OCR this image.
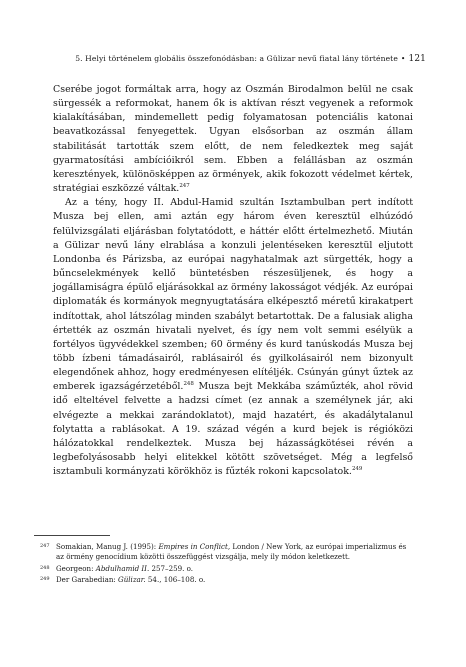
5. Helyi történelem globális összefonódásban: a Gülizar nevű fiatal lány története • 121

Cserébe jogot formáltak arra, hogy az Oszmán Birodalmon belül ne csak sürgessék a reformokat, hanem ők is aktívan részt vegyenek a reformok kialakításában, mindemellett pedig folyamatosan potenciális katonai beavatkozással fenyegettek. Ugyan elsősorban az oszmán állam stabilitását tartották szem előtt, de nem feledkeztek meg saját gyarmatosítási ambícióikról sem. Ebben a felállásban az oszmán keresztények, különösképpen az örmények, akik fokozott védelmet kértek, stratégiai eszközzé váltak.$^{247}$

Az a tény, hogy II. Abdul-Hamid szultán Isztambulban pert indított Musza bej ellen, ami aztán egy három éven keresztül elhúzódó felülvizsgálati eljárásban folytatódott, e háttér előtt értelmezhető. Miután a Gülizar nevű lány elrablása a konzuli jelentéseken keresztül eljutott Londonba és Párizsba, az európai nagyhatalmak azt sürgették, hogy a bűncselekmények kellő büntetésben részesüljenek, és hogy a jogállamiságra épülő eljárásokkal az örmény lakosságot védjék. Az európai diplomaták és kormányok megnyugtatására elképesztő méretű kirakatpert indítottak, ahol látszólag minden szabályt betartottak. De a falusiak aligha értették az oszmán hivatali nyelvet, és így nem volt semmi esélyük a fortélyos ügyvédekkel szemben; 60 örmény és kurd tanúskodás Musza bej több ízbeni támadásairól, rablásairól és gyilkolásairól nem bizonyult elegendőnek ahhoz, hogy eredményesen elítéljék. Csúnyán gúnyt űztek az emberek igazságérzetéből.$^{248}$ Musza bejt Mekkába száműzték, ahol rövid idő elteltével felvette a hadzsi címet (ez annak a személynek jár, aki elvégezte a mekkai zarándoklatot), majd hazatért, és akadálytalanul folytatta a rablásokat. A 19. század végén a kurd bejek is régióközi hálózatokkal rendelkeztek. Musza bej házasságkötései révén a legbefolyásosabb helyi elitekkel kötött szövetséget. Még a legfelső isztambuli kormányzati körökhöz is fűzték rokoni kapcsolatok.$^{249}$

247 Somakian, Manug J. (1995): Empires in Conflict, London / New York, az európai imperializmus és az örmény genocídium közötti összefüggést vizsgálja, mely ily módon keletkezett.
248 Georgeon: Abdulhamid II. 257–259. o.
249 Der Garabedian: Gülizar. 54., 106–108. o.
